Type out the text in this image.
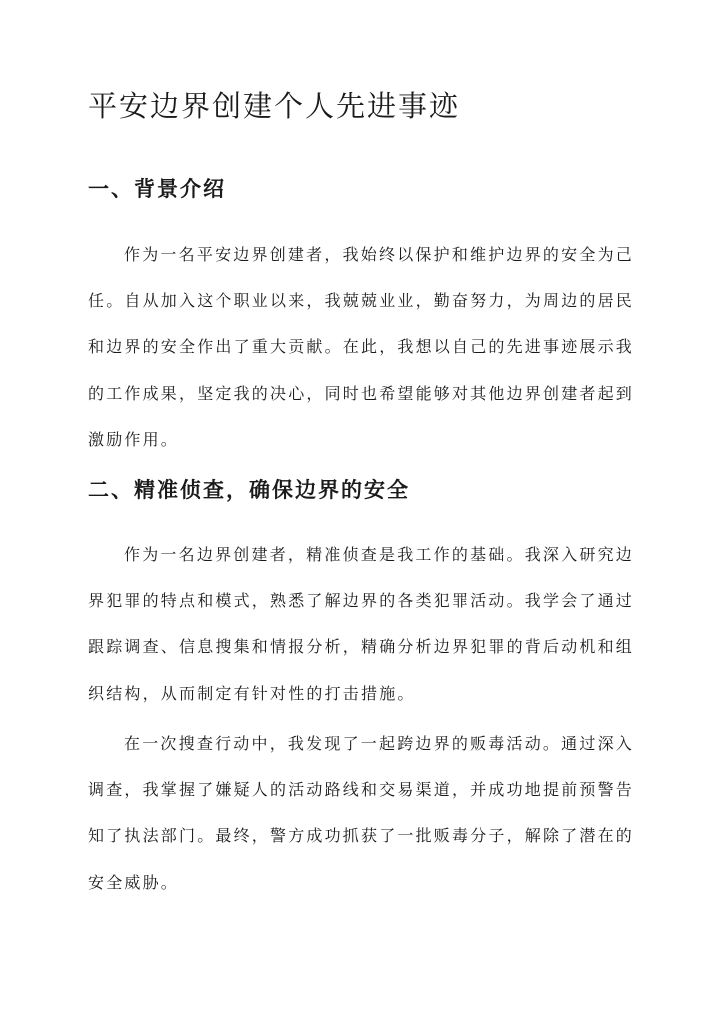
平安边界创建个人先进事迹
一、背景介绍

作为一名平安边界创建者，我始终以保护和维护边界的安全为己任。自从加入这个职业以来，我兢兢业业，勤奋努力，为周边的居民和边界的安全作出了重大贡献。在此，我想以自己的先进事迹展示我的工作成果，坚定我的决心，同时也希望能够对其他边界创建者起到激励作用。

二、精准侦查，确保边界的安全

作为一名边界创建者，精准侦查是我工作的基础。我深入研究边界犯罪的特点和模式，熟悉了解边界的各类犯罪活动。我学会了通过跟踪调查、信息搜集和情报分析，精确分析边界犯罪的背后动机和组织结构，从而制定有针对性的打击措施。

在一次搜查行动中，我发现了一起跨边界的贩毒活动。通过深入调查，我掌握了嫌疑人的活动路线和交易渠道，并成功地提前预警告知了执法部门。最终，警方成功抓获了一批贩毒分子，解除了潜在的安全威胁。
